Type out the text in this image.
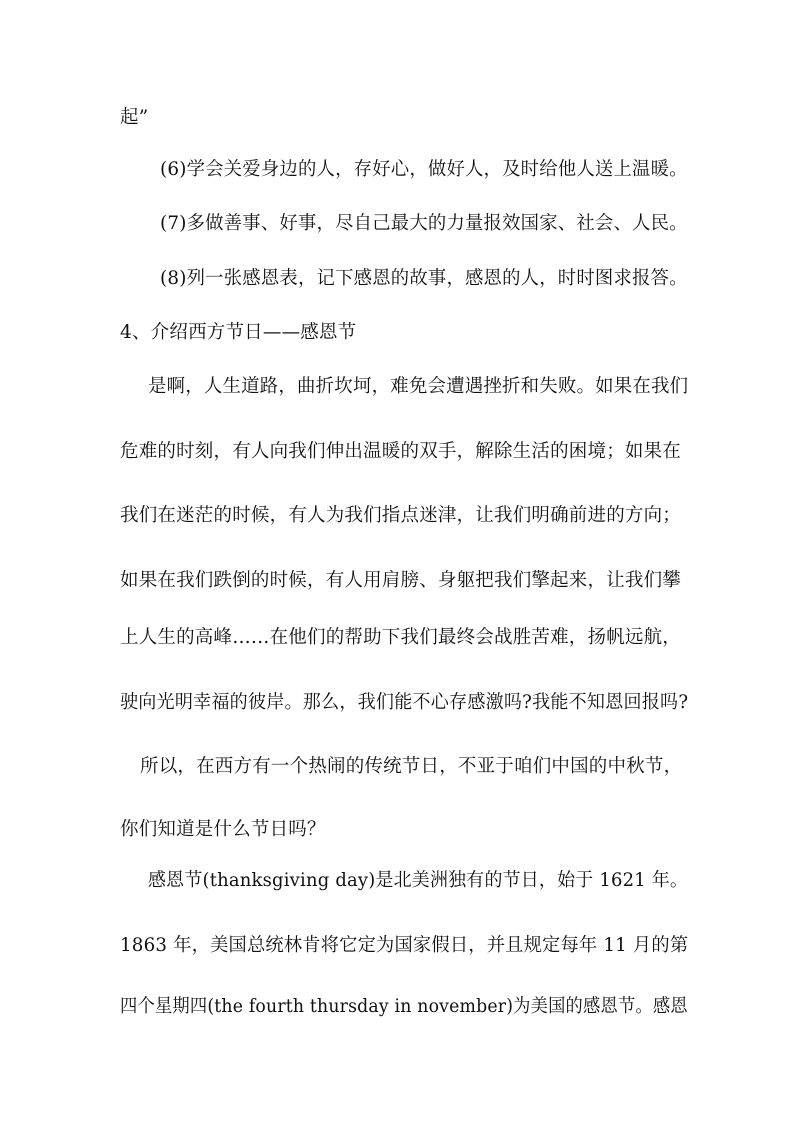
起”
(6)学会关爱身边的人，存好心，做好人，及时给他人送上温暖。
(7)多做善事、好事，尽自己最大的力量报效国家、社会、人民。
(8)列一张感恩表，记下感恩的故事，感恩的人，时时图求报答。
4、介绍西方节日——感恩节
是啊，人生道路，曲折坎坷，难免会遭遇挫折和失败。如果在我们
危难的时刻，有人向我们伸出温暖的双手，解除生活的困境；如果在
我们在迷茫的时候，有人为我们指点迷津，让我们明确前进的方向；
如果在我们跌倒的时候，有人用肩膀、身躯把我们擎起来，让我们攀
上人生的高峰……在他们的帮助下我们最终会战胜苦难，扬帆远航，
驶向光明幸福的彼岸。那么，我们能不心存感激吗?我能不知恩回报吗?
所以，在西方有一个热闹的传统节日，不亚于咱们中国的中秋节，
你们知道是什么节日吗？
感恩节(thanksgiving day)是北美洲独有的节日，始于 1621 年。
1863 年，美国总统林肯将它定为国家假日，并且规定每年 11 月的第
四个星期四(the fourth thursday in november)为美国的感恩节。感恩
